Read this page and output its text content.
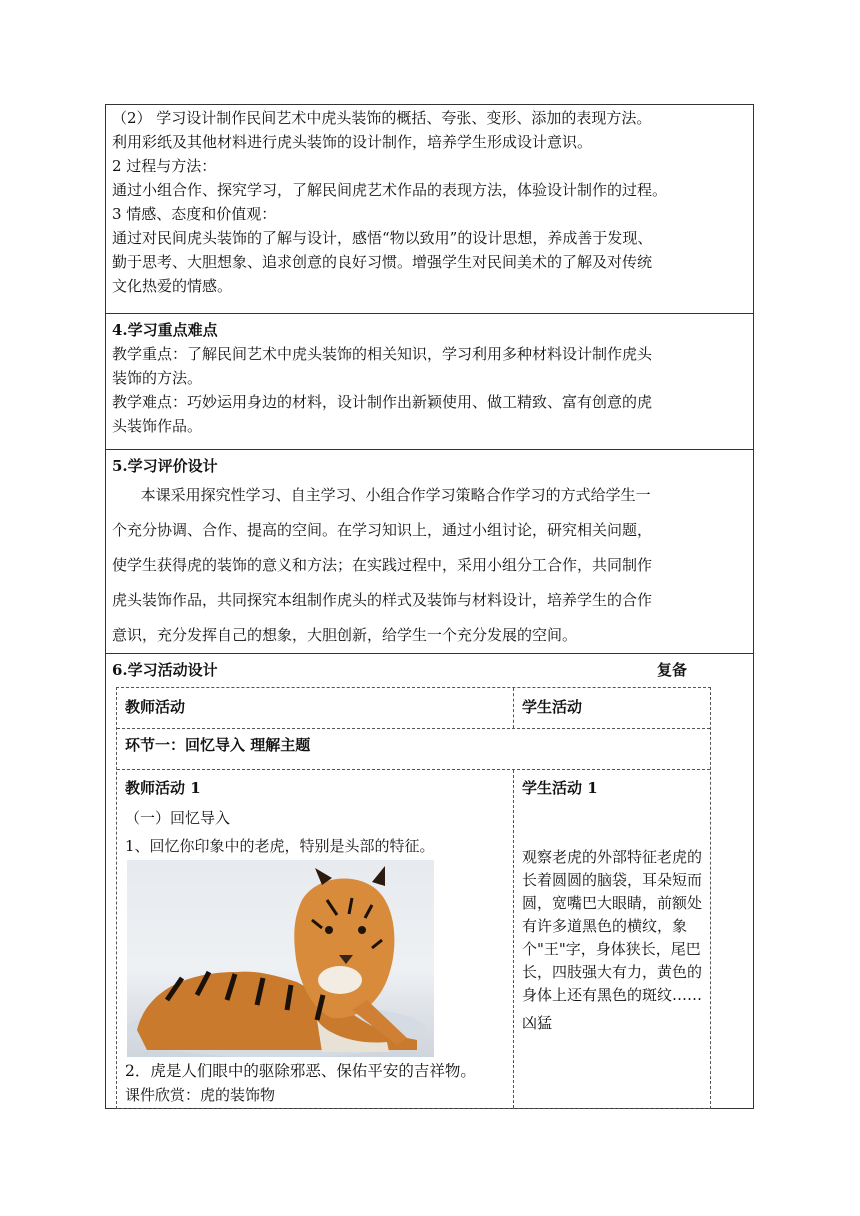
（2） 学习设计制作民间艺术中虎头装饰的概括、夸张、变形、添加的表现方法。
利用彩纸及其他材料进行虎头装饰的设计制作，培养学生形成设计意识。
2 过程与方法：
通过小组合作、探究学习，了解民间虎艺术作品的表现方法，体验设计制作的过程。
3 情感、态度和价值观：
通过对民间虎头装饰的了解与设计，感悟“物以致用”的设计思想，养成善于发现、
勤于思考、大胆想象、追求创意的良好习惯。增强学生对民间美术的了解及对传统
文化热爱的情感。
4.学习重点难点
教学重点：了解民间艺术中虎头装饰的相关知识，学习利用多种材料设计制作虎头
装饰的方法。
教学难点：巧妙运用身边的材料，设计制作出新颖使用、做工精致、富有创意的虎
头装饰作品。
5.学习评价设计
本课采用探究性学习、自主学习、小组合作学习策略合作学习的方式给学生一
个充分协调、合作、提高的空间。在学习知识上，通过小组讨论，研究相关问题，
使学生获得虎的装饰的意义和方法；在实践过程中，采用小组分工合作，共同制作
虎头装饰作品，共同探究本组制作虎头的样式及装饰与材料设计，培养学生的合作
意识，充分发挥自己的想象，大胆创新，给学生一个充分发展的空间。
6.学习活动设计	复备
教师活动	学生活动
环节一：回忆导入 理解主题
教师活动 1
（一）回忆导入
1、回忆你印象中的老虎，特别是头部的特征。
2．虎是人们眼中的驱除邪恶、保佑平安的吉祥物。
课件欣赏：虎的装饰物
学生活动 1
观察老虎的外部特征老虎的长着圆圆的脑袋，耳朵短而圆，宽嘴巴大眼睛，前额处有许多道黑色的横纹，象个"王"字，身体狭长，尾巴长，四肢强大有力，黄色的身体上还有黑色的斑纹……
凶猛
